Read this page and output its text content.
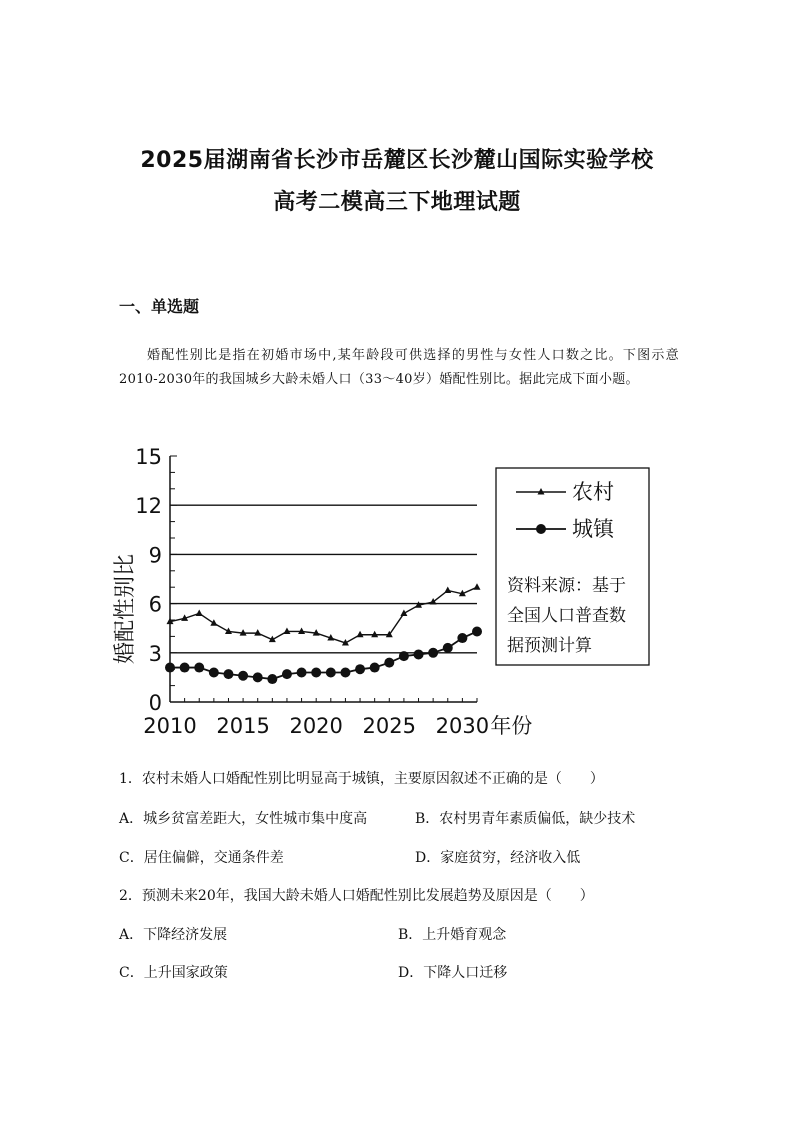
2025届湖南省长沙市岳麓区长沙麓山国际实验学校
高考二模高三下地理试题
一、单选题
婚配性别比是指在初婚市场中,某年龄段可供选择的男性与女性人口数之比。下图示意2010-2030年的我国城乡大龄未婚人口（33～40岁）婚配性别比。据此完成下面小题。
0
3
6
9
12
15
2010 2015 2020 2025 2030 年份
婚配性别比
农村
城镇
资料来源：基于
全国人口普查数
据预测计算
1．农村未婚人口婚配性别比明显高于城镇，主要原因叙述不正确的是（　　）
A．城乡贫富差距大，女性城市集中度高	B．农村男青年素质偏低，缺少技术
C．居住偏僻，交通条件差	D．家庭贫穷，经济收入低
2．预测未来20年，我国大龄未婚人口婚配性别比发展趋势及原因是（　　）
A．下降经济发展	B．上升婚育观念
C．上升国家政策	D．下降人口迁移
